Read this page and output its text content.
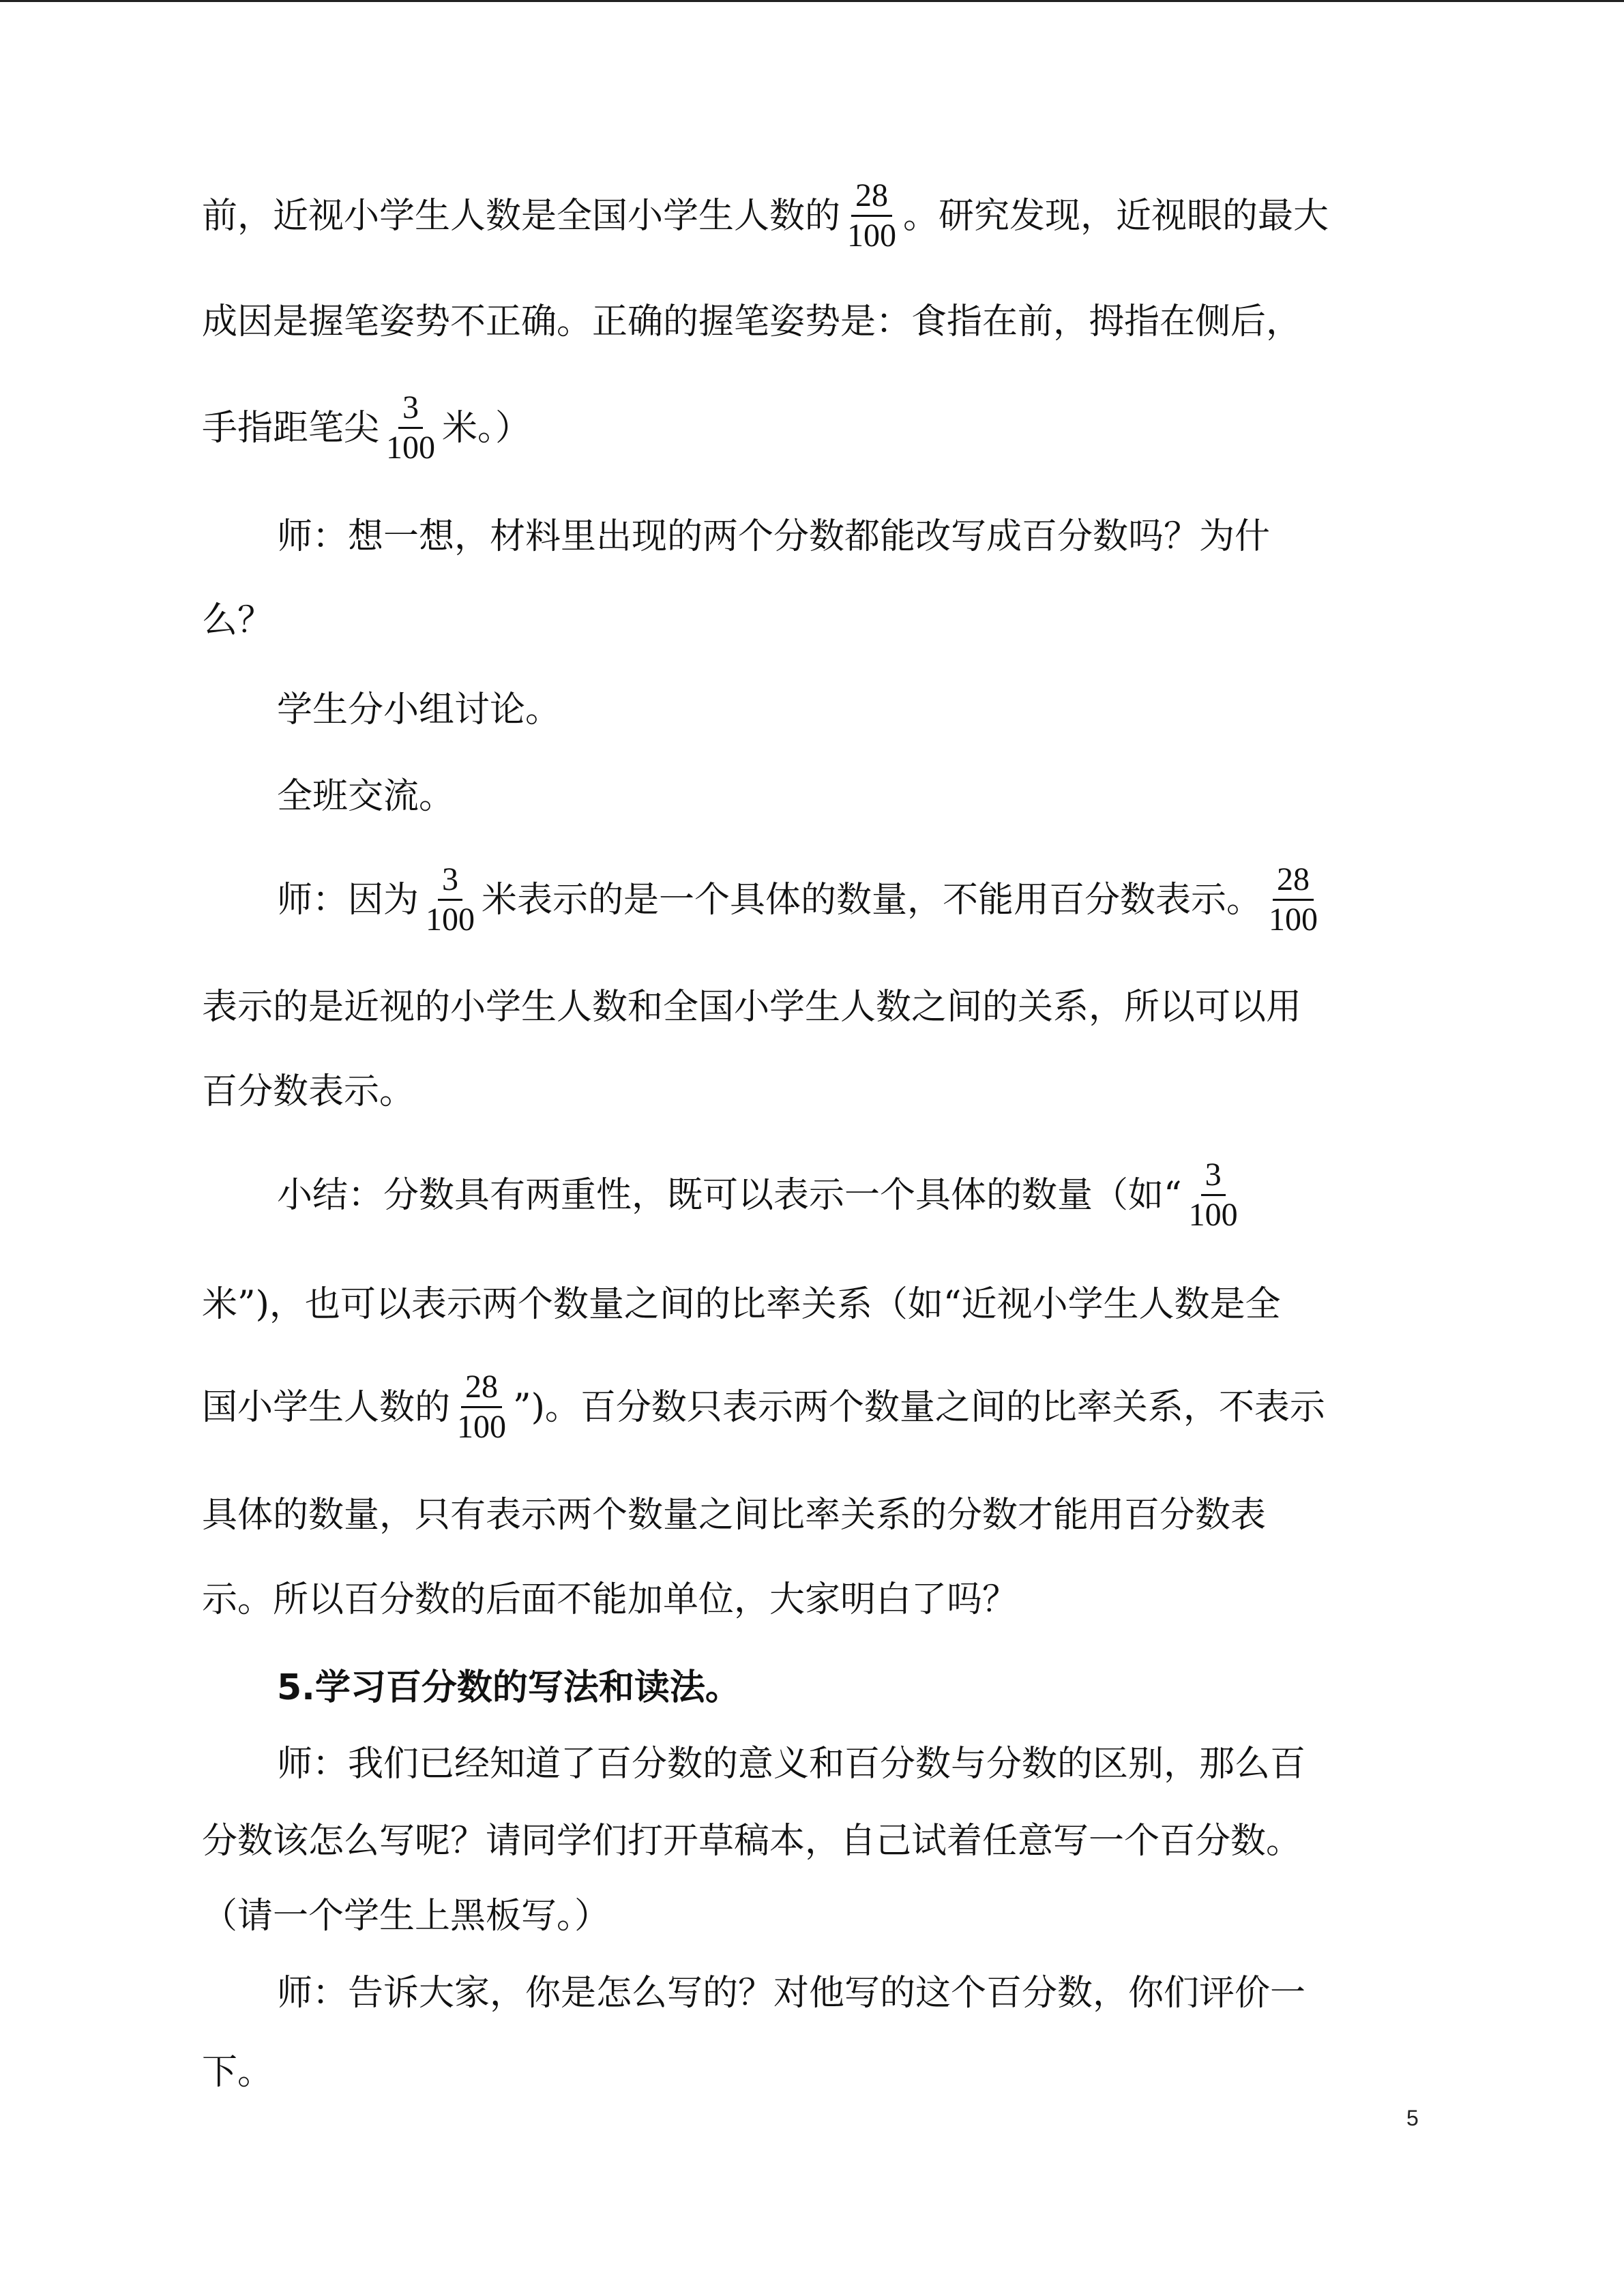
前，近视小学生人数是全国小学生人数的 $\frac{28}{100}$ 。研究发现，近视眼的最大
成因是握笔姿势不正确。正确的握笔姿势是：食指在前，拇指在侧后，
手指距笔尖 $\frac{3}{100}$ 米。）
师：想一想，材料里出现的两个分数都能改写成百分数吗？为什
么？
学生分小组讨论。
全班交流。
师：因为 $\frac{3}{100}$ 米表示的是一个具体的数量，不能用百分数表示。 $\frac{28}{100}$
表示的是近视的小学生人数和全国小学生人数之间的关系，所以可以用
百分数表示。
小结：分数具有两重性，既可以表示一个具体的数量（如“ $\frac{3}{100}$
米”)，也可以表示两个数量之间的比率关系（如“近视小学生人数是全
国小学生人数的 $\frac{28}{100}$ ”)。百分数只表示两个数量之间的比率关系，不表示
具体的数量，只有表示两个数量之间比率关系的分数才能用百分数表
示。所以百分数的后面不能加单位，大家明白了吗？
5.学习百分数的写法和读法。
师：我们已经知道了百分数的意义和百分数与分数的区别，那么百
分数该怎么写呢？请同学们打开草稿本，自己试着任意写一个百分数。
（请一个学生上黑板写。）
师：告诉大家，你是怎么写的？对他写的这个百分数，你们评价一
下。
5
